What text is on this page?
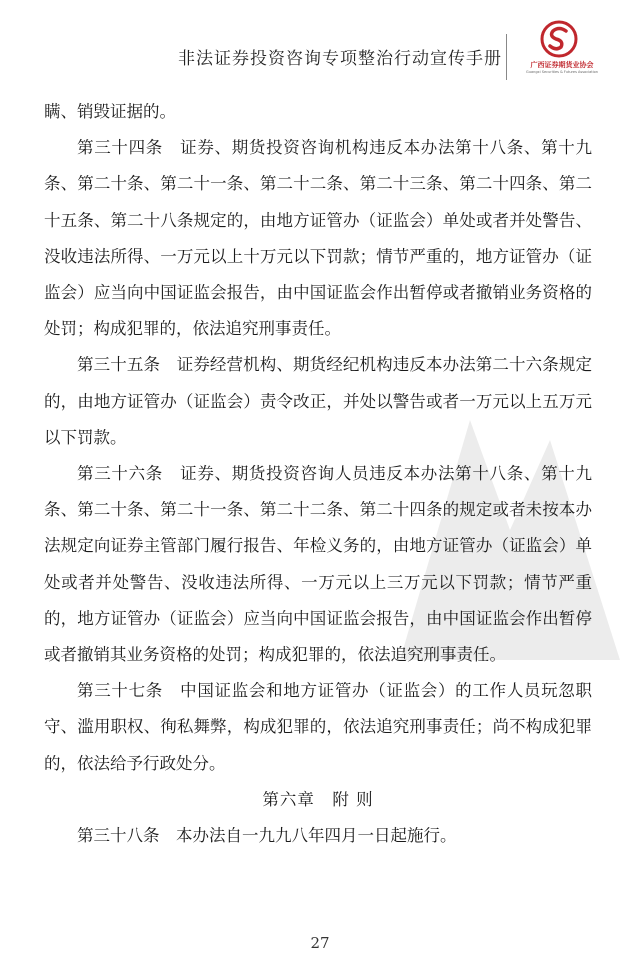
非法证券投资咨询专项整治行动宣传手册	广西证券期货业协会
Guangxi Securities & Futures Association

瞒、销毁证据的。

第三十四条　证券、期货投资咨询机构违反本办法第十八条、第十九条、第二十条、第二十一条、第二十二条、第二十三条、第二十四条、第二十五条、第二十八条规定的，由地方证管办（证监会）单处或者并处警告、没收违法所得、一万元以上十万元以下罚款；情节严重的，地方证管办（证监会）应当向中国证监会报告，由中国证监会作出暂停或者撤销业务资格的处罚；构成犯罪的，依法追究刑事责任。

第三十五条　证券经营机构、期货经纪机构违反本办法第二十六条规定的，由地方证管办（证监会）责令改正，并处以警告或者一万元以上五万元以下罚款。

第三十六条　证券、期货投资咨询人员违反本办法第十八条、第十九条、第二十条、第二十一条、第二十二条、第二十四条的规定或者未按本办法规定向证券主管部门履行报告、年检义务的，由地方证管办（证监会）单处或者并处警告、没收违法所得、一万元以上三万元以下罚款；情节严重的，地方证管办（证监会）应当向中国证监会报告，由中国证监会作出暂停或者撤销其业务资格的处罚；构成犯罪的，依法追究刑事责任。

第三十七条　中国证监会和地方证管办（证监会）的工作人员玩忽职守、滥用职权、徇私舞弊，构成犯罪的，依法追究刑事责任；尚不构成犯罪的，依法给予行政处分。

第六章　附 则

第三十八条　本办法自一九九八年四月一日起施行。

27
